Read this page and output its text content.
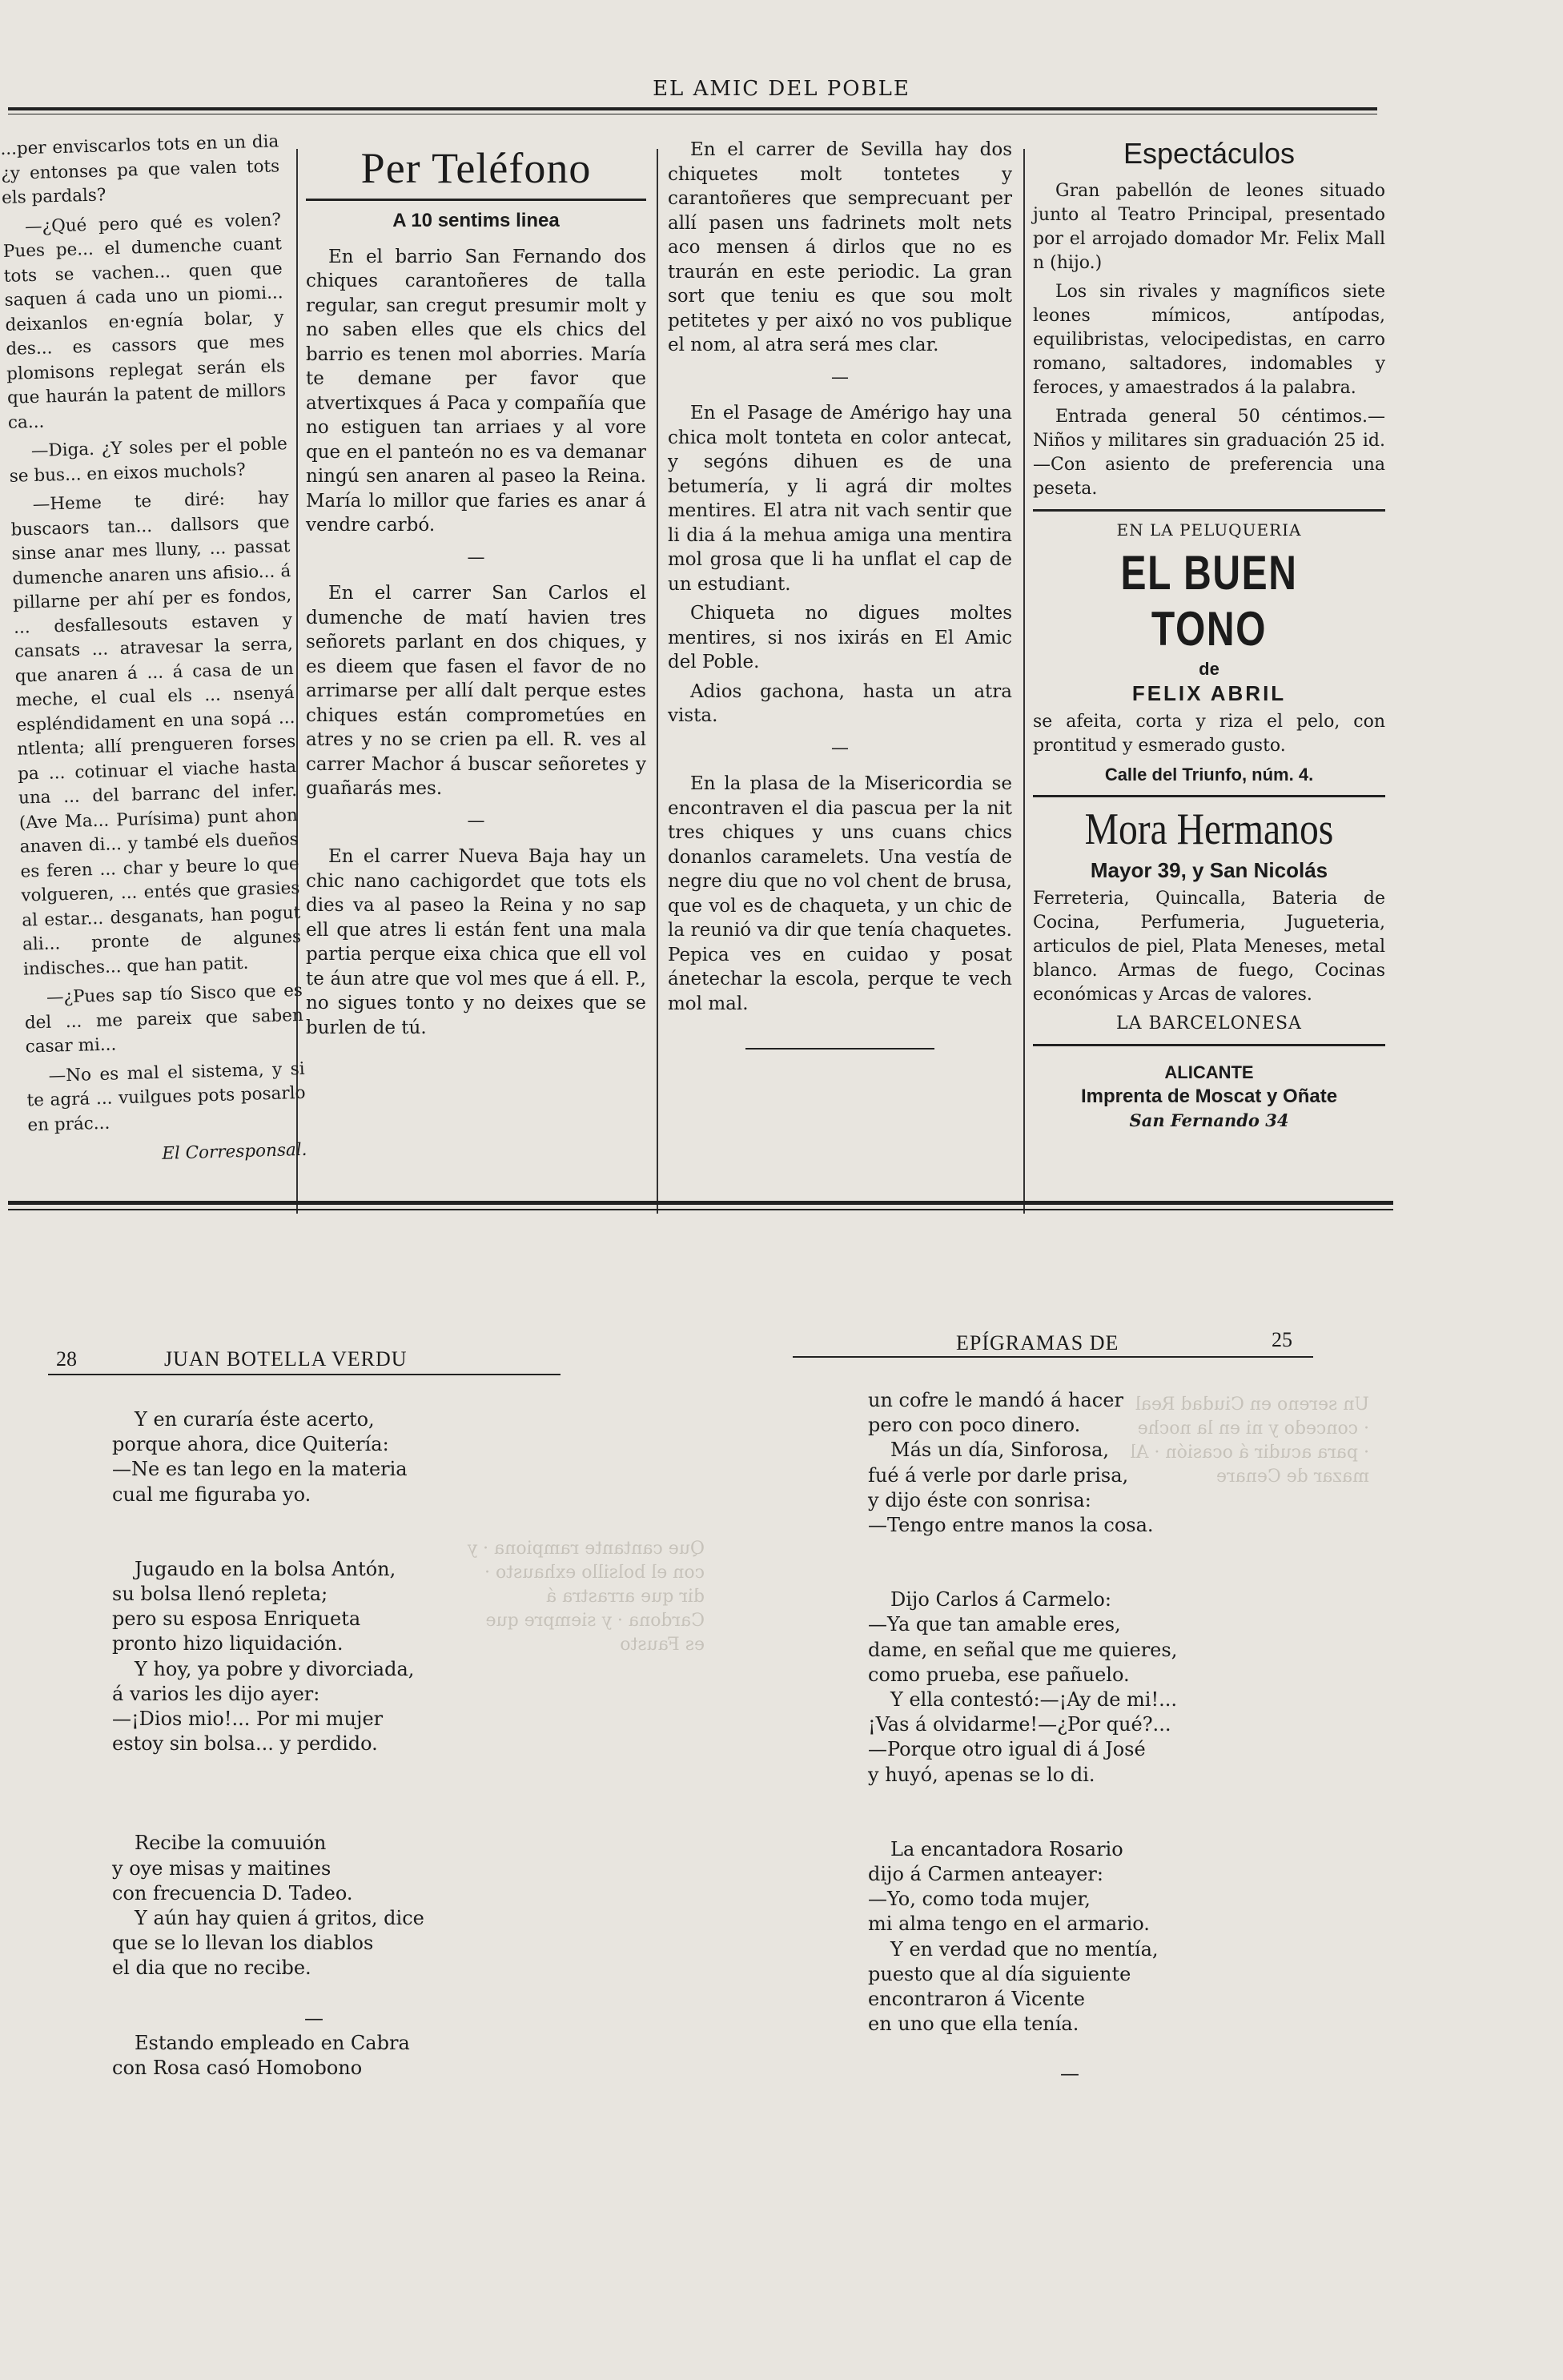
EL AMIC DEL POBLE

...per enviscarlos tots en un dia ¿y entonses pa que valen tots els pardals?

—¿Qué pero qué es volen? Pues pe... el dumenche cuant tots se vachen... quen que saquen á cada uno un piomi... deixanlos en·egnía bolar, y des... es cassors que mes plomisons replegat serán els que haurán la patent de millors ca...

—Diga. ¿Y soles per el poble se bus... en eixos muchols?

—Heme te diré: hay buscaors tan... dallsors que sinse anar mes lluny, ... passat dumenche anaren uns afisio... á pillarne per ahí per es fondos, ... desfallesouts estaven y cansats ... atravesar la serra, que anaren á ... á casa de un meche, el cual els ... nsenyá espléndidament en una sopá ... ntlenta; allí prengueren forses pa ... cotinuar el viache hasta una ... del barranc del infer. (Ave Ma... Purísima) punt ahon anaven di... y també els dueños es feren ... char y beure lo que volgueren, ... entés que grasies al estar... desganats, han pogut ali... pronte de algunes indisches... que han patit.

—¿Pues sap tío Sisco que es del ... me pareix que saben casar mi...

—No es mal el sistema, y si te agrá ... vuilgues pots posarlo en prác...

El Corresponsal.
Per Teléfono
A 10 sentims linea

En el barrio San Fernando dos chiques carantoñeres de talla regular, san cregut presumir molt y no saben elles que els chics del barrio es tenen mol aborries. María te demane per favor que atvertixques á Paca y compañía que no estiguen tan arriaes y al vore que en el panteón no es va demanar ningú sen anaren al paseo la Reina. María lo millor que faries es anar á vendre carbó.

—

En el carrer San Carlos el dumenche de matí havien tres señorets parlant en dos chiques, y es dieem que fasen el favor de no arrimarse per allí dalt perque estes chiques están comprometúes en atres y no se crien pa ell. R. ves al carrer Machor á buscar señoretes y guañarás mes.

—

En el carrer Nueva Baja hay un chic nano cachigordet que tots els dies va al paseo la Reina y no sap ell que atres li están fent una mala partia perque eixa chica que ell vol te áun atre que vol mes que á ell. P., no sigues tonto y no deixes que se burlen de tú.

En el carrer de Sevilla hay dos chiquetes molt tontetes y carantoñeres que semprecuant per allí pasen uns fadrinets molt nets aco mensen á dirlos que no es traurán en este periodic. La gran sort que teniu es que sou molt petitetes y per aixó no vos publique el nom, al atra será mes clar.

—

En el Pasage de Amérigo hay una chica molt tonteta en color antecat, y segóns dihuen es de una betumería, y li agrá dir moltes mentires. El atra nit vach sentir que li dia á la mehua amiga una mentira mol grosa que li ha unflat el cap de un estudiant.

Chiqueta no digues moltes mentires, si nos ixirás en El Amic del Poble.

Adios gachona, hasta un atra vista.

—

En la plasa de la Misericordia se encontraven el dia pascua per la nit tres chiques y uns cuans chics donanlos caramelets. Una vestía de negre diu que no vol chent de brusa, que vol es de chaqueta, y un chic de la reunió va dir que tenía chaquetes. Pepica ves en cuidao y posat ánetechar la escola, perque te vech mol mal.

Espectáculos

Gran pabellón de leones situado junto al Teatro Principal, presentado por el arrojado domador Mr. Felix Mall n (hijo.)

Los sin rivales y magníficos siete leones mímicos, antípodas, equilibristas, velocipedistas, en carro romano, saltadores, indomables y feroces, y amaestrados á la palabra.

Entrada general 50 céntimos.—Niños y militares sin graduación 25 id. —Con asiento de preferencia una peseta.

EN LA PELUQUERIA
EL BUEN TONO
de
FELIX ABRIL

se afeita, corta y riza el pelo, con prontitud y esmerado gusto.

Calle del Triunfo, núm. 4.
Mora Hermanos
Mayor 39, y San Nicolás

Ferreteria, Quincalla, Bateria de Cocina, Perfumeria, Jugueteria, articulos de piel, Plata Meneses, metal blanco. Armas de fuego, Cocinas económicas y Arcas de valores.

LA BARCELONESA
ALICANTE
Imprenta de Moscat y Oñate
San Fernando 34
Que cantante rampiona · y con el bolsillo exhausto · dir que arrastra á Cardona · y siempre que es Fausto
Un sereno en Ciudad Real · concedo y ni en la noche · para acudir á ocasión · Al mazar de Cenare
28	JUAN BOTELLA VERDU
EPÍGRAMAS DE	25
Y en curaría éste acerto,
porque ahora, dice Quitería:
—Ne es tan lego en la materia
cual me figuraba yo.
Jugaudo en la bolsa Antón,
su bolsa llenó repleta;
pero su esposa Enriqueta
pronto hizo liquidación.
Y hoy, ya pobre y divorciada,
á varios les dijo ayer:
—¡Dios mio!... Por mi mujer
estoy sin bolsa... y perdido.
Recibe la comuuión
y oye misas y maitines
con frecuencia D. Tadeo.
Y aún hay quien á gritos, dice
que se lo llevan los diablos
el dia que no recibe.
—
Estando empleado en Cabra
con Rosa casó Homobono
un cofre le mandó á hacer
pero con poco dinero.
Más un día, Sinforosa,
fué á verle por darle prisa,
y dijo éste con sonrisa:
—Tengo entre manos la cosa.
Dijo Carlos á Carmelo:
—Ya que tan amable eres,
dame, en señal que me quieres,
como prueba, ese pañuelo.
Y ella contestó:—¡Ay de mi!...
¡Vas á olvidarme!—¿Por qué?...
—Porque otro igual di á José
y huyó, apenas se lo di.
La encantadora Rosario
dijo á Carmen anteayer:
—Yo, como toda mujer,
mi alma tengo en el armario.
Y en verdad que no mentía,
puesto que al día siguiente
encontraron á Vicente
en uno que ella tenía.
—
